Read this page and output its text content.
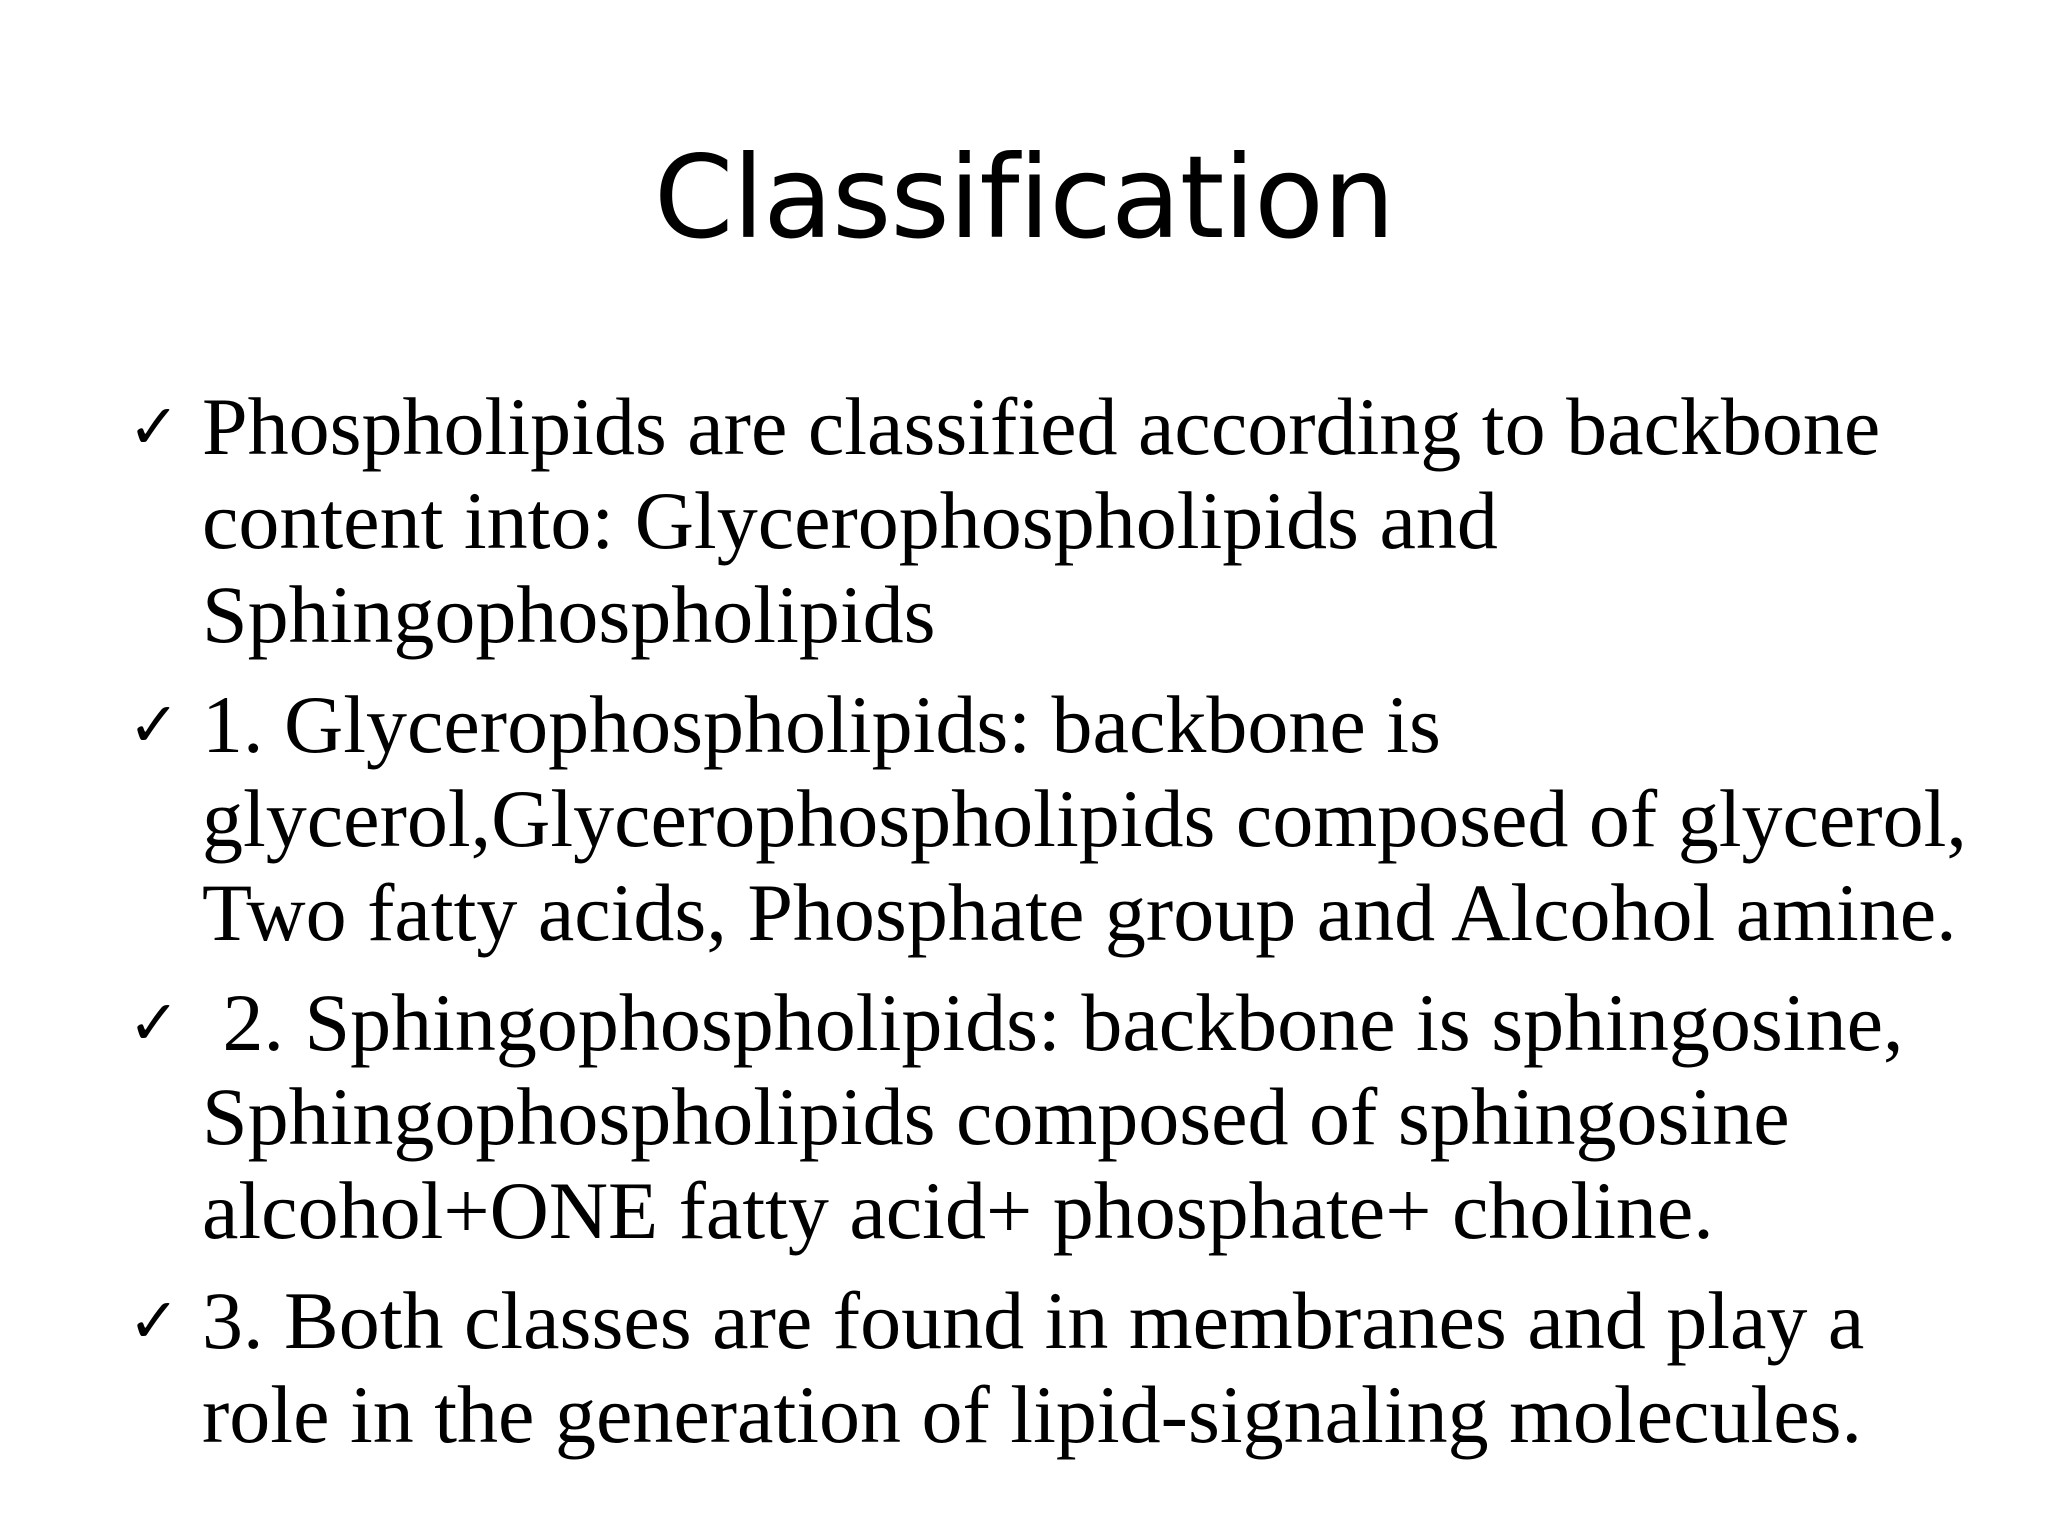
Classification
✓ Phospholipids are classified according to backbone
content into: Glycerophospholipids and
Sphingophospholipids
✓ 1. Glycerophospholipids: backbone is
glycerol,Glycerophospholipids composed of glycerol,
Two fatty acids, Phosphate group and Alcohol amine.
✓ 2. Sphingophospholipids: backbone is sphingosine,
Sphingophospholipids composed of sphingosine
alcohol+ONE fatty acid+ phosphate+ choline.
✓ 3. Both classes are found in membranes and play a
role in the generation of lipid-signaling molecules.
